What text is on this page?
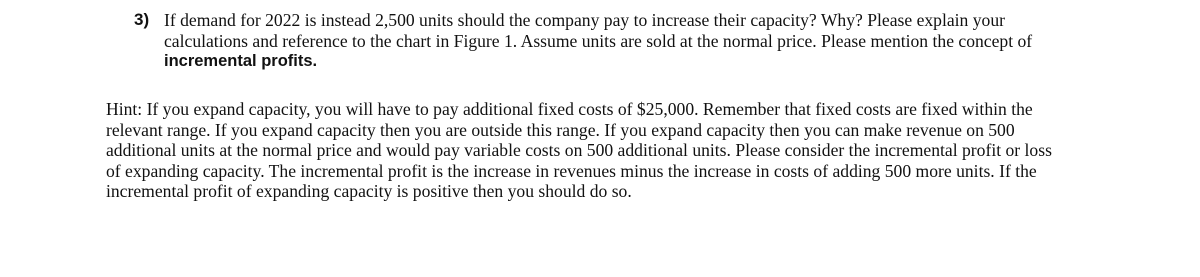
3) If demand for 2022 is instead 2,500 units should the company pay to increase their capacity? Why? Please explain your
calculations and reference to the chart in Figure 1. Assume units are sold at the normal price. Please mention the concept of
incremental profits.
Hint: If you expand capacity, you will have to pay additional fixed costs of $25,000. Remember that fixed costs are fixed within the
relevant range. If you expand capacity then you are outside this range. If you expand capacity then you can make revenue on 500
additional units at the normal price and would pay variable costs on 500 additional units. Please consider the incremental profit or loss
of expanding capacity. The incremental profit is the increase in revenues minus the increase in costs of adding 500 more units. If the
incremental profit of expanding capacity is positive then you should do so.
